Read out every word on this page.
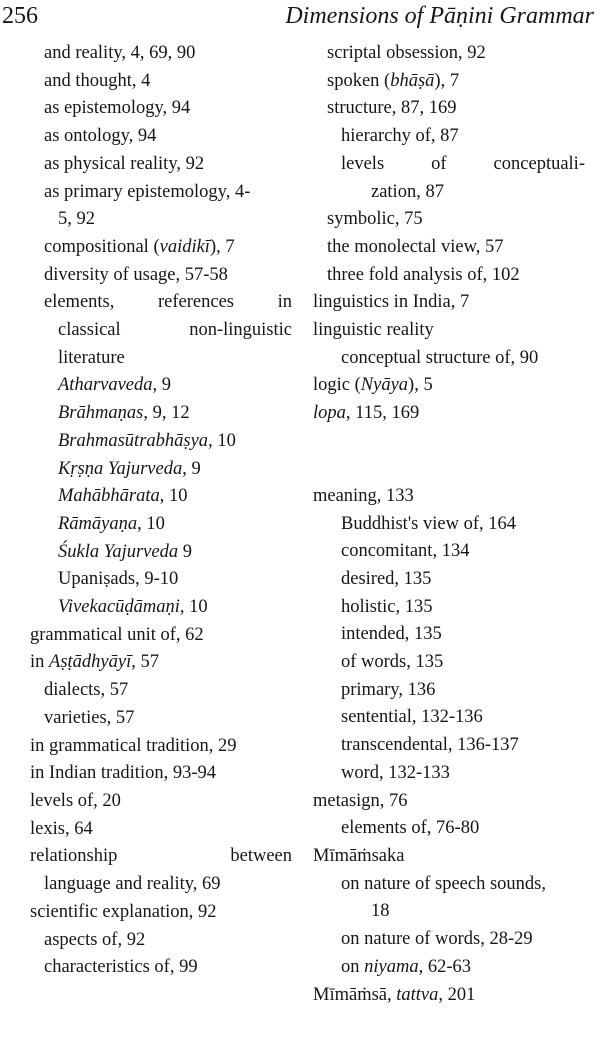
256	Dimensions of Pāṇini Grammar
and reality, 4, 69, 90
and thought, 4
as epistemology, 94
as ontology, 94
as physical reality, 92
as primary epistemology, 4-
5, 92
compositional (vaidikī), 7
diversity of usage, 57-58
elements, references in
classical non-linguistic
literature
Atharvaveda, 9
Brāhmaṇas, 9, 12
Brahmasūtrabhāṣya, 10
Kṛṣṇa Yajurveda, 9
Mahābhārata, 10
Rāmāyaṇa, 10
Śukla Yajurveda 9
Upaniṣads, 9-10
Vivekacūḍāmaṇi, 10
grammatical unit of, 62
in Aṣṭādhyāyī, 57
dialects, 57
varieties, 57
in grammatical tradition, 29
in Indian tradition, 93-94
levels of, 20
lexis, 64
relationship between
language and reality, 69
scientific explanation, 92
aspects of, 92
characteristics of, 99
scriptal obsession, 92
spoken (bhāṣā), 7
structure, 87, 169
hierarchy of, 87
levels of conceptuali-
zation, 87
symbolic, 75
the monolectal view, 57
three fold analysis of, 102
linguistics in India, 7
linguistic reality
conceptual structure of, 90
logic (Nyāya), 5
lopa, 115, 169
meaning, 133
Buddhist's view of, 164
concomitant, 134
desired, 135
holistic, 135
intended, 135
of words, 135
primary, 136
sentential, 132-136
transcendental, 136-137
word, 132-133
metasign, 76
elements of, 76-80
Mīmāṁsaka
on nature of speech sounds,
18
on nature of words, 28-29
on niyama, 62-63
Mīmāṁsā, tattva, 201
